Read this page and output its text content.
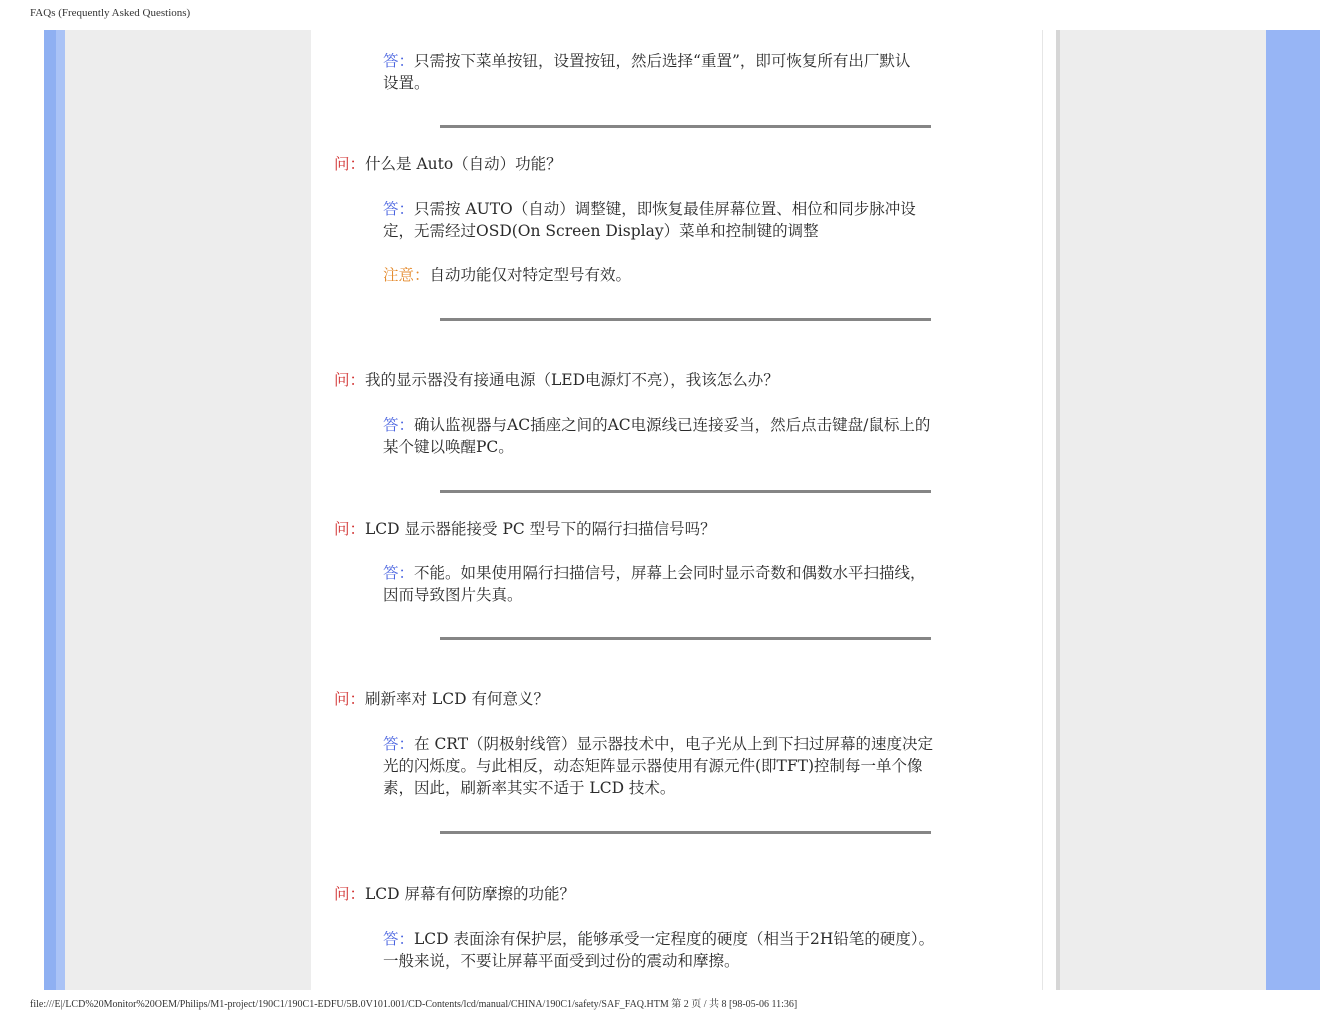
FAQs (Frequently Asked Questions)
答：只需按下菜单按钮，设置按钮，然后选择“重置”，即可恢复所有出厂默认
设置。
问：什么是 Auto（自动）功能？
答：只需按 AUTO（自动）调整键，即恢复最佳屏幕位置、相位和同步脉冲设
定，无需经过OSD(On Screen Display）菜单和控制键的调整
注意：自动功能仅对特定型号有效。
问：我的显示器没有接通电源（LED电源灯不亮），我该怎么办？
答：确认监视器与AC插座之间的AC电源线已连接妥当，然后点击键盘/鼠标上的
某个键以唤醒PC。
问：LCD 显示器能接受 PC 型号下的隔行扫描信号吗？
答：不能。如果使用隔行扫描信号，屏幕上会同时显示奇数和偶数水平扫描线，
因而导致图片失真。
问：刷新率对 LCD 有何意义？
答：在 CRT（阴极射线管）显示器技术中，电子光从上到下扫过屏幕的速度决定
光的闪烁度。与此相反，动态矩阵显示器使用有源元件(即TFT)控制每一单个像
素，因此，刷新率其实不适于 LCD 技术。
问：LCD 屏幕有何防摩擦的功能？
答：LCD 表面涂有保护层，能够承受一定程度的硬度（相当于2H铅笔的硬度）。
一般来说，不要让屏幕平面受到过份的震动和摩擦。
file:///E|/LCD%20Monitor%20OEM/Philips/M1-project/190C1/190C1-EDFU/5B.0V101.001/CD-Contents/lcd/manual/CHINA/190C1/safety/SAF_FAQ.HTM 第 2 页 / 共 8 [98-05-06 11:36]
